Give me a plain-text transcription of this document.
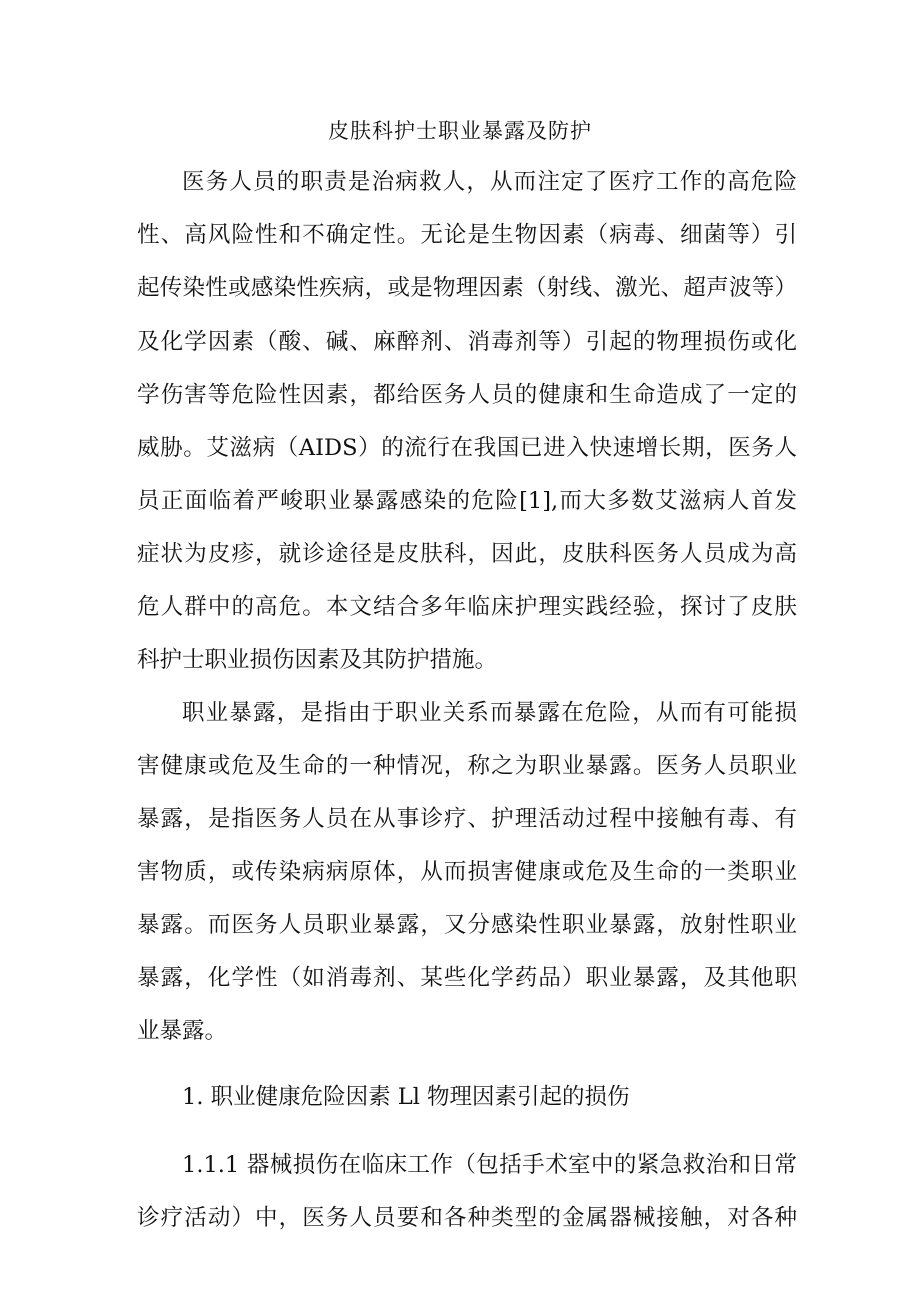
皮肤科护士职业暴露及防护
医务人员的职责是治病救人，从而注定了医疗工作的高危险
性、高风险性和不确定性。无论是生物因素（病毒、细菌等）引
起传染性或感染性疾病，或是物理因素（射线、激光、超声波等）
及化学因素（酸、碱、麻醉剂、消毒剂等）引起的物理损伤或化
学伤害等危险性因素，都给医务人员的健康和生命造成了一定的
威胁。艾滋病（AIDS）的流行在我国已进入快速增长期，医务人
员正面临着严峻职业暴露感染的危险[1],而大多数艾滋病人首发
症状为皮疹，就诊途径是皮肤科，因此，皮肤科医务人员成为高
危人群中的高危。本文结合多年临床护理实践经验，探讨了皮肤
科护士职业损伤因素及其防护措施。
职业暴露，是指由于职业关系而暴露在危险，从而有可能损
害健康或危及生命的一种情况，称之为职业暴露。医务人员职业
暴露，是指医务人员在从事诊疗、护理活动过程中接触有毒、有
害物质，或传染病病原体，从而损害健康或危及生命的一类职业
暴露。而医务人员职业暴露，又分感染性职业暴露，放射性职业
暴露，化学性（如消毒剂、某些化学药品）职业暴露，及其他职
业暴露。
1. 职业健康危险因素 Ll 物理因素引起的损伤
1.1.1 器械损伤在临床工作（包括手术室中的紧急救治和日常
诊疗活动）中，医务人员要和各种类型的金属器械接触，对各种
